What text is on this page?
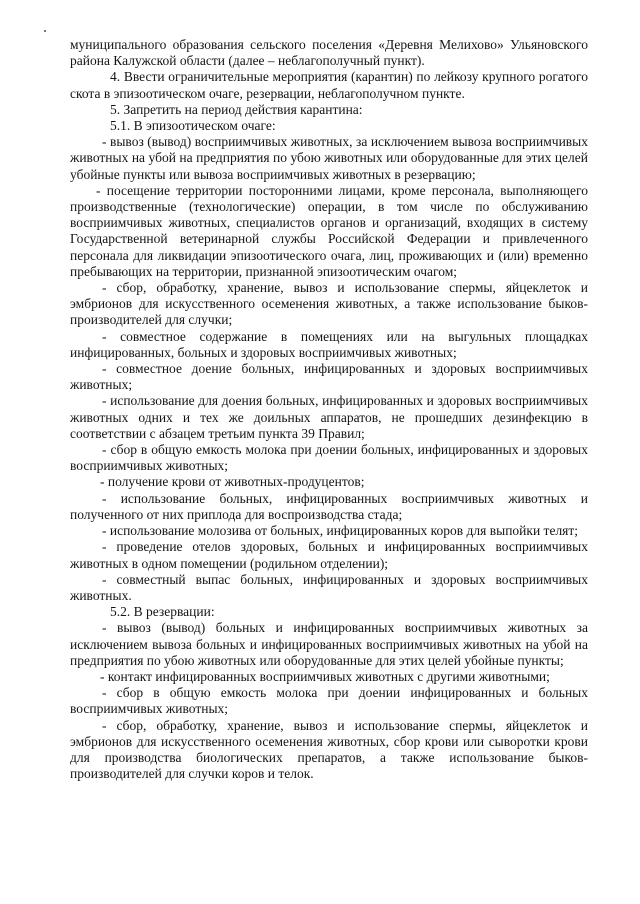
муниципального образования сельского поселения «Деревня Мелихово» Ульяновского района Калужской области (далее – неблагополучный пункт).

4. Ввести ограничительные мероприятия (карантин) по лейкозу крупного рогатого скота в эпизоотическом очаге, резервации, неблагополучном пункте.

5. Запретить на период действия карантина:

5.1. В эпизоотическом очаге:

- вывоз (вывод) восприимчивых животных, за исключением вывоза восприимчивых животных на убой на предприятия по убою животных или оборудованные для этих целей убойные пункты или вывоза восприимчивых животных в резервацию;

- посещение территории посторонними лицами, кроме персонала, выполняющего производственные (технологические) операции, в том числе по обслуживанию восприимчивых животных, специалистов органов и организаций, входящих в систему Государственной ветеринарной службы Российской Федерации и привлеченного персонала для ликвидации эпизоотического очага, лиц, проживающих и (или) временно пребывающих на территории, признанной эпизоотическим очагом;

- сбор, обработку, хранение, вывоз и использование спермы, яйцеклеток и эмбрионов для искусственного осеменения животных, а также использование быков-производителей для случки;

- совместное содержание в помещениях или на выгульных площадках инфицированных, больных и здоровых восприимчивых животных;

- совместное доение больных, инфицированных и здоровых восприимчивых животных;

- использование для доения больных, инфицированных и здоровых восприимчивых животных одних и тех же доильных аппаратов, не прошедших дезинфекцию в соответствии с абзацем третьим пункта 39 Правил;

- сбор в общую емкость молока при доении больных, инфицированных и здоровых восприимчивых животных;

- получение крови от животных-продуцентов;

- использование больных, инфицированных восприимчивых животных и полученного от них приплода для воспроизводства стада;

- использование молозива от больных, инфицированных коров для выпойки телят;

- проведение отелов здоровых, больных и инфицированных восприимчивых животных в одном помещении (родильном отделении);

- совместный выпас больных, инфицированных и здоровых восприимчивых животных.

5.2. В резервации:

- вывоз (вывод) больных и инфицированных восприимчивых животных за исключением вывоза больных и инфицированных восприимчивых животных на убой на предприятия по убою животных или оборудованные для этих целей убойные пункты;

- контакт инфицированных восприимчивых животных с другими животными;

- сбор в общую емкость молока при доении инфицированных и больных восприимчивых животных;

- сбор, обработку, хранение, вывоз и использование спермы, яйцеклеток и эмбрионов для искусственного осеменения животных, сбор крови или сыворотки крови для производства биологических препаратов, а также использование быков-производителей для случки коров и телок.
